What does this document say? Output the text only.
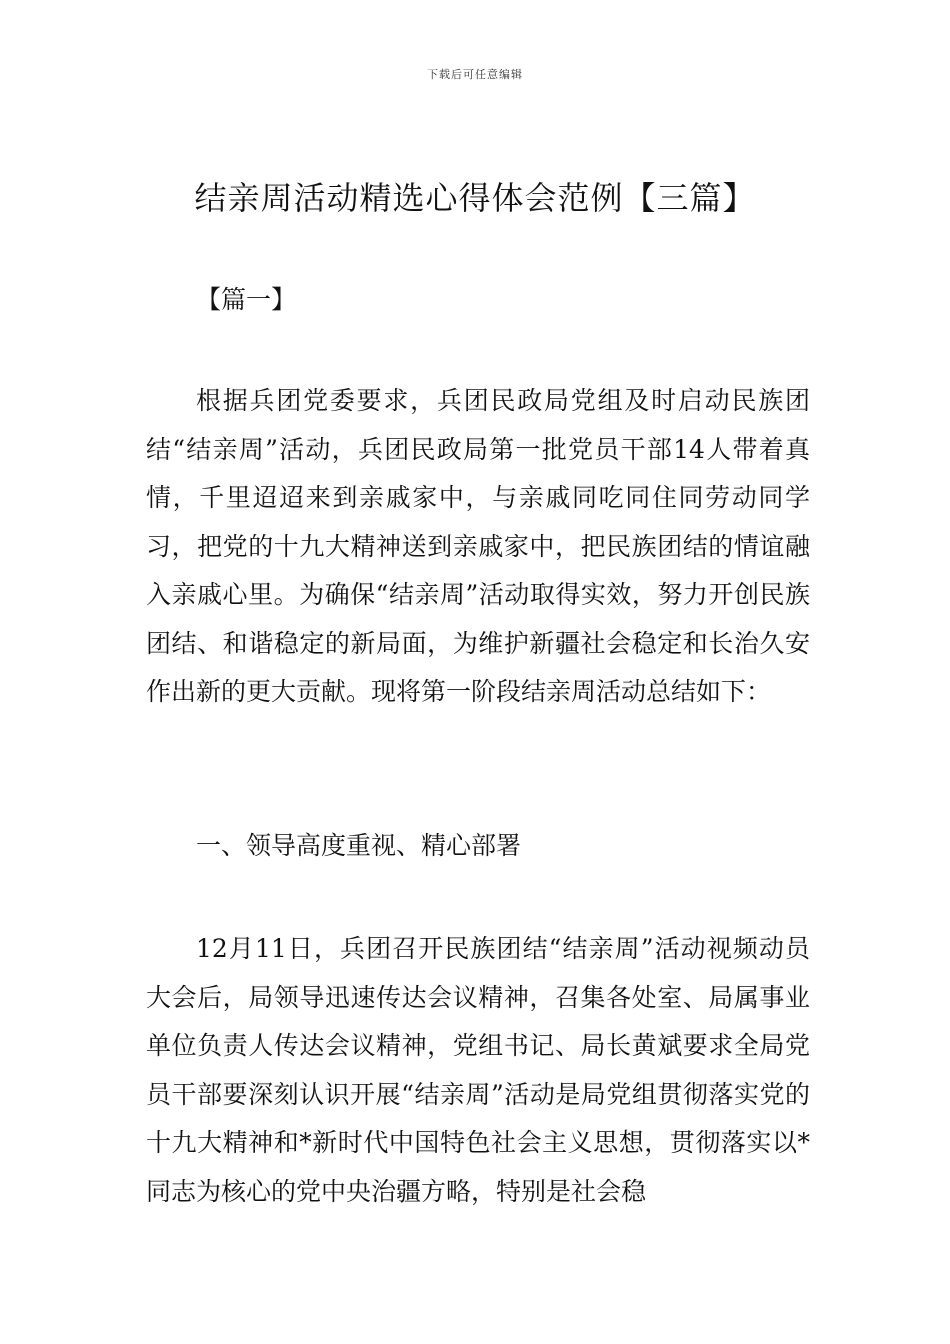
下载后可任意编辑
结亲周活动精选心得体会范例【三篇】
【篇一】

根据兵团党委要求，兵团民政局党组及时启动民族团结“结亲周”活动，兵团民政局第一批党员干部14人带着真情，千里迢迢来到亲戚家中，与亲戚同吃同住同劳动同学习，把党的十九大精神送到亲戚家中，把民族团结的情谊融入亲戚心里。为确保“结亲周”活动取得实效，努力开创民族团结、和谐稳定的新局面，为维护新疆社会稳定和长治久安作出新的更大贡献。现将第一阶段结亲周活动总结如下：

一、领导高度重视、精心部署

12月11日，兵团召开民族团结“结亲周”活动视频动员大会后，局领导迅速传达会议精神，召集各处室、局属事业单位负责人传达会议精神，党组书记、局长黄斌要求全局党员干部要深刻认识开展“结亲周”活动是局党组贯彻落实党的十九大精神和*新时代中国特色社会主义思想，贯彻落实以*同志为核心的党中央治疆方略，特别是社会稳
